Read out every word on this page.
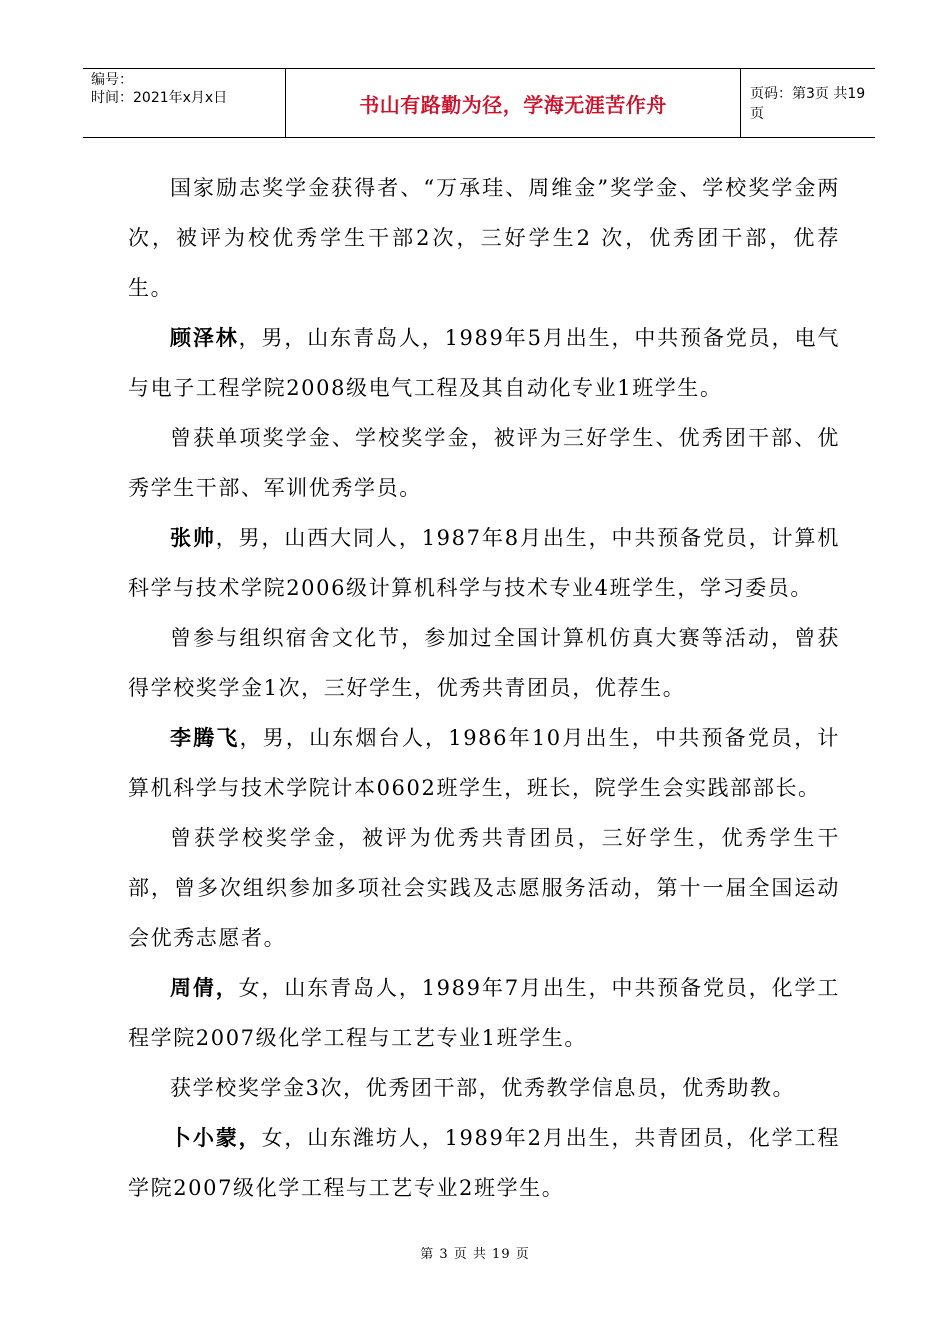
编号：
时间：2021年x月x日	书山有路勤为径，学海无涯苦作舟	页码：第3页 共19页

国家励志奖学金获得者、“万承珪、周维金”奖学金、学校奖学金两次，被评为校优秀学生干部2次，三好学生2 次，优秀团干部，优荐生。

顾泽林，男，山东青岛人，1989年5月出生，中共预备党员，电气与电子工程学院2008级电气工程及其自动化专业1班学生。

曾获单项奖学金、学校奖学金，被评为三好学生、优秀团干部、优秀学生干部、军训优秀学员。

张帅，男，山西大同人，1987年8月出生，中共预备党员，计算机科学与技术学院2006级计算机科学与技术专业4班学生，学习委员。

曾参与组织宿舍文化节，参加过全国计算机仿真大赛等活动，曾获得学校奖学金1次，三好学生，优秀共青团员，优荐生。

李腾飞，男，山东烟台人，1986年10月出生，中共预备党员，计算机科学与技术学院计本0602班学生，班长，院学生会实践部部长。

曾获学校奖学金，被评为优秀共青团员，三好学生，优秀学生干部，曾多次组织参加多项社会实践及志愿服务活动，第十一届全国运动会优秀志愿者。

周倩，女，山东青岛人，1989年7月出生，中共预备党员，化学工程学院2007级化学工程与工艺专业1班学生。

获学校奖学金3次，优秀团干部，优秀教学信息员，优秀助教。

卜小蒙，女，山东潍坊人，1989年2月出生，共青团员，化学工程学院2007级化学工程与工艺专业2班学生。

第 3 页 共 19 页
